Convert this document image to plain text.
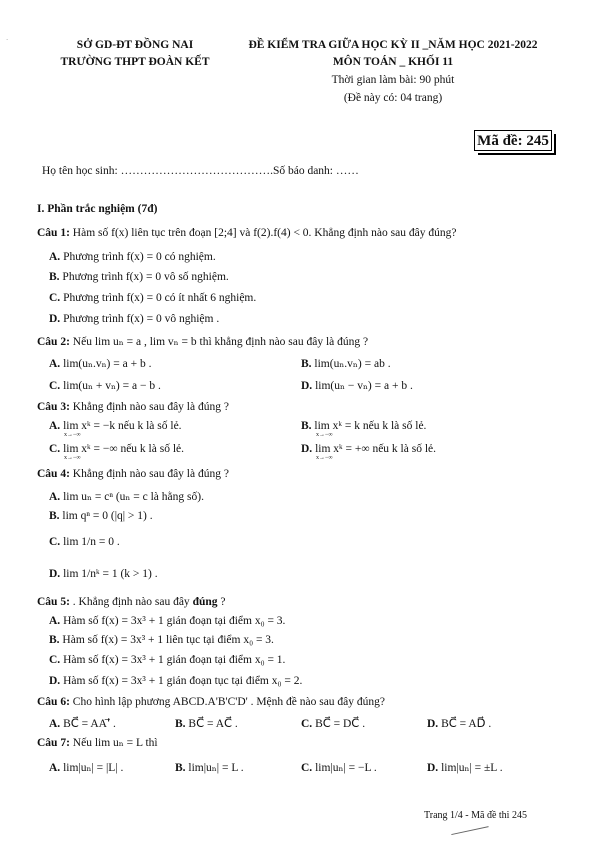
·	SỞ GD-ĐT ĐỒNG NAI
TRƯỜNG THPT ĐOÀN KẾT
ĐỀ KIỂM TRA GIỮA HỌC KỲ II _NĂM HỌC 2021-2022
MÔN TOÁN _ KHỐI 11
Thời gian làm bài: 90 phút
(Đề này có: 04 trang)
Mã đề: 245
Họ tên học sinh: ………………………………….Số báo danh: ……
I. Phần trắc nghiệm (7đ)
Câu 1: Hàm số f(x) liên tục trên đoạn [2;4] và f(2).f(4) < 0. Khẳng định nào sau đây đúng?
A. Phương trình f(x) = 0 có nghiệm.
B. Phương trình f(x) = 0 vô số nghiệm.
C. Phương trình f(x) = 0 có ít nhất 6 nghiệm.
D. Phương trình f(x) = 0 vô nghiệm .
Câu 2: Nếu lim uₙ = a , lim vₙ = b thì khẳng định nào sau đây là đúng ?
A. lim(uₙ.vₙ) = a + b .	B. lim(uₙ.vₙ) = ab .
C. lim(uₙ + vₙ) = a − b .	D. lim(uₙ − vₙ) = a + b .
Câu 3: Khẳng định nào sau đây là đúng ?
A. lim xᵏ = −k nếu k là số lẻ.
x→−∞
B. lim xᵏ = k nếu k là số lẻ.
x→−∞
C. lim xᵏ = −∞ nếu k là số lẻ.
x→−∞
D. lim xᵏ = +∞ nếu k là số lẻ.
x→−∞
Câu 4: Khẳng định nào sau đây là đúng ?
A. lim uₙ = cⁿ (uₙ = c là hằng số).
B. lim qⁿ = 0 (|q| > 1) .
C. lim 1/n = 0 .
D. lim 1/nᵏ = 1 (k > 1) .
Câu 5: . Khẳng định nào sau đây đúng ?
A. Hàm số f(x) = 3x³ + 1 gián đoạn tại điểm x₀ = 3.
B. Hàm số f(x) = 3x³ + 1 liên tục tại điểm x₀ = 3.
C. Hàm số f(x) = 3x³ + 1 gián đoạn tại điểm x₀ = 1.
D. Hàm số f(x) = 3x³ + 1 gián đoạn tục tại điểm x₀ = 2.
Câu 6: Cho hình lập phương ABCD.A'B'C'D' . Mệnh đề nào sau đây đúng?
A. BC⃗ = AA'⃗ .	B. BC⃗ = AC⃗ .	C. BC⃗ = DC⃗ .	D. BC⃗ = AD⃗ .
Câu 7: Nếu lim uₙ = L thì
A. lim|uₙ| = |L| .	B. lim|uₙ| = L .	C. lim|uₙ| = −L .	D. lim|uₙ| = ±L .
Trang 1/4 - Mã đề thi 245
